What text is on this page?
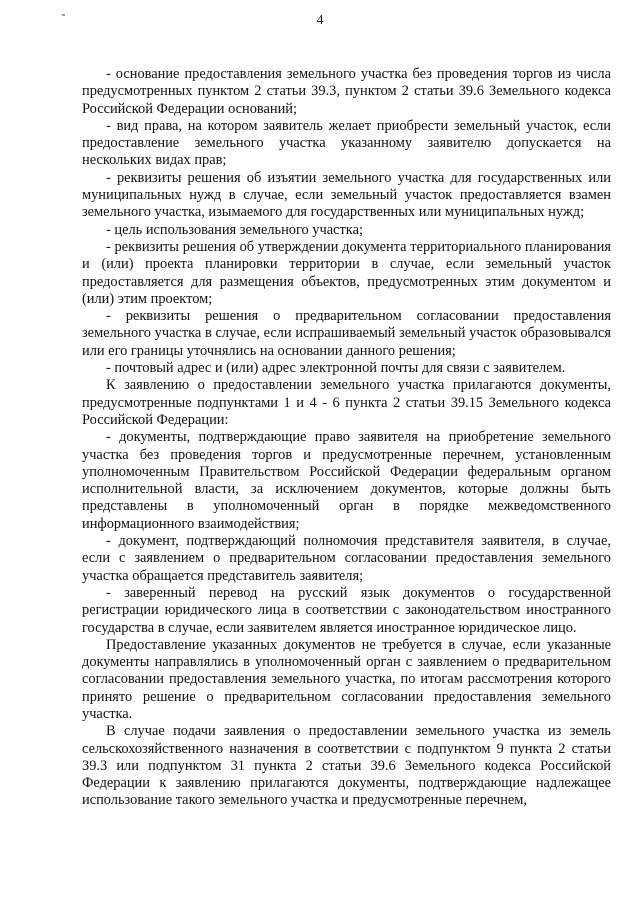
4

- основание предоставления земельного участка без проведения торгов из числа предусмотренных пунктом 2 статьи 39.3, пунктом 2 статьи 39.6 Земельного кодекса Российской Федерации оснований;

- вид права, на котором заявитель желает приобрести земельный участок, если предоставление земельного участка указанному заявителю допускается на нескольких видах прав;

- реквизиты решения об изъятии земельного участка для государственных или муниципальных нужд в случае, если земельный участок предоставляется взамен земельного участка, изымаемого для государственных или муниципальных нужд;

- цель использования земельного участка;

- реквизиты решения об утверждении документа территориального планирования и (или) проекта планировки территории в случае, если земельный участок предоставляется для размещения объектов, предусмотренных этим документом и (или) этим проектом;

- реквизиты решения о предварительном согласовании предоставления земельного участка в случае, если испрашиваемый земельный участок образовывался или его границы уточнялись на основании данного решения;

- почтовый адрес и (или) адрес электронной почты для связи с заявителем.

К заявлению о предоставлении земельного участка прилагаются документы, предусмотренные подпунктами 1 и 4 - 6 пункта 2 статьи 39.15 Земельного кодекса Российской Федерации:

- документы, подтверждающие право заявителя на приобретение земельного участка без проведения торгов и предусмотренные перечнем, установленным уполномоченным Правительством Российской Федерации федеральным органом исполнительной власти, за исключением документов, которые должны быть представлены в уполномоченный орган в порядке межведомственного информационного взаимодействия;

- документ, подтверждающий полномочия представителя заявителя, в случае, если с заявлением о предварительном согласовании предоставления земельного участка обращается представитель заявителя;

- заверенный перевод на русский язык документов о государственной регистрации юридического лица в соответствии с законодательством иностранного государства в случае, если заявителем является иностранное юридическое лицо.

Предоставление указанных документов не требуется в случае, если указанные документы направлялись в уполномоченный орган с заявлением о предварительном согласовании предоставления земельного участка, по итогам рассмотрения которого принято решение о предварительном согласовании предоставления земельного участка.

В случае подачи заявления о предоставлении земельного участка из земель сельскохозяйственного назначения в соответствии с подпунктом 9 пункта 2 статьи 39.3 или подпунктом 31 пункта 2 статьи 39.6 Земельного кодекса Российской Федерации к заявлению прилагаются документы, подтверждающие надлежащее использование такого земельного участка и предусмотренные перечнем,
